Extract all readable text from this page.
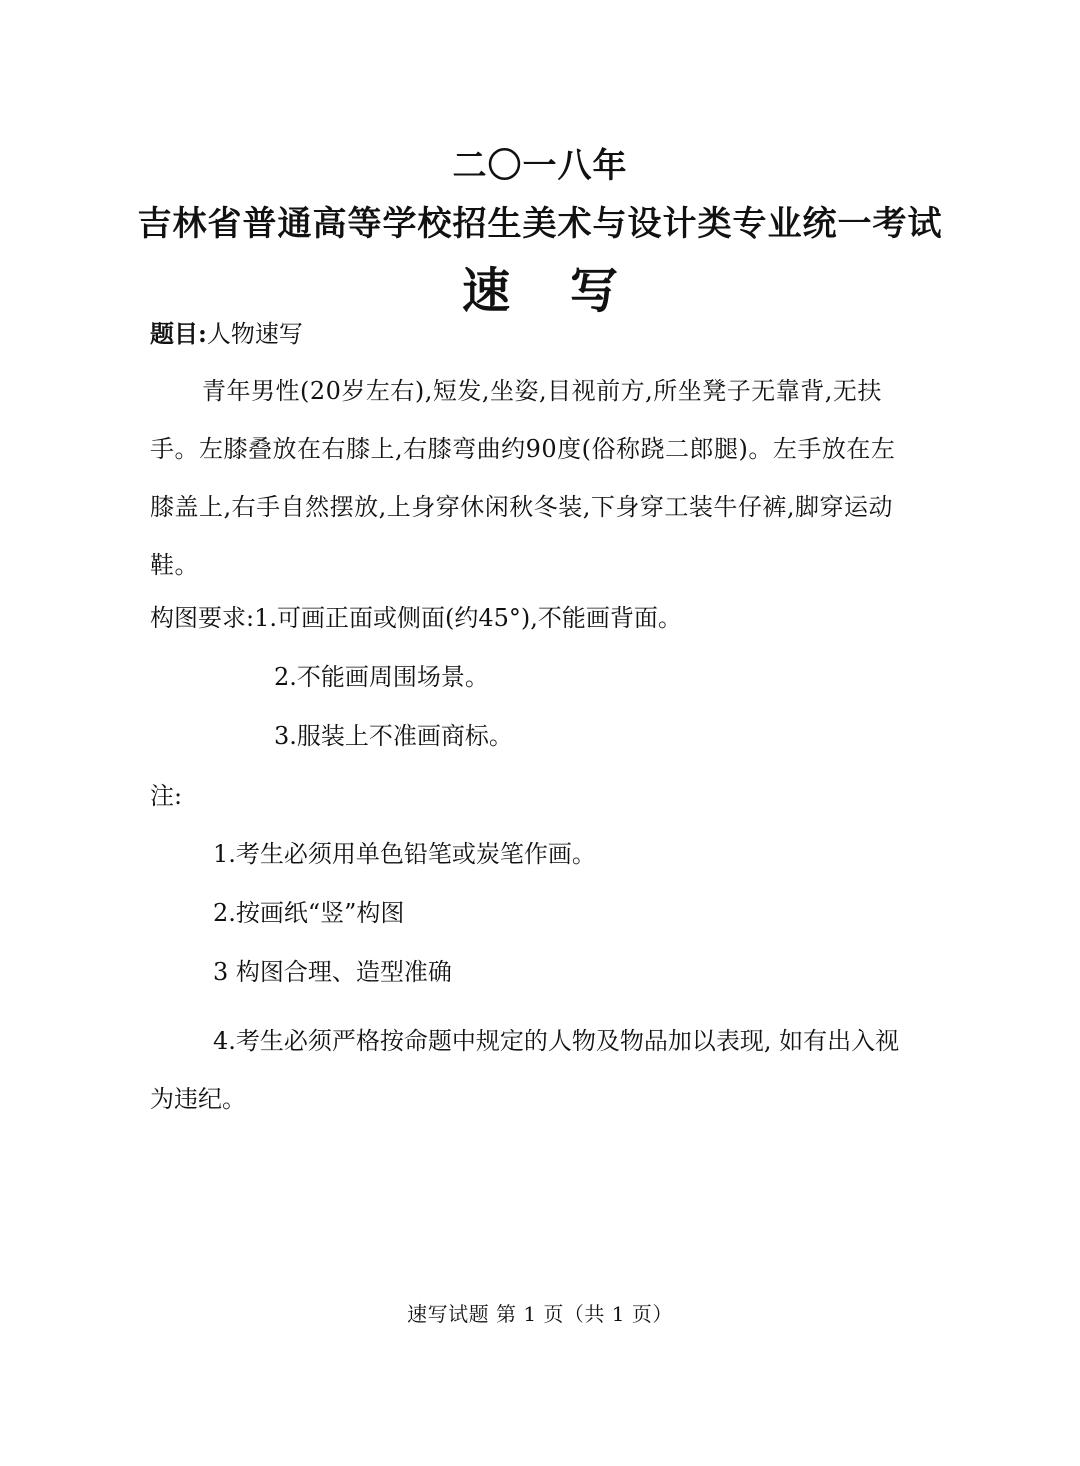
二〇一八年
吉林省普通高等学校招生美术与设计类专业统一考试
速写
题目:人物速写
青年男性(20岁左右),短发,坐姿,目视前方,所坐凳子无靠背,无扶手。左膝叠放在右膝上,右膝弯曲约90度(俗称跷二郎腿)。左手放在左膝盖上,右手自然摆放,上身穿休闲秋冬装,下身穿工装牛仔裤,脚穿运动鞋。
构图要求:1.可画正面或侧面(约45°),不能画背面。
2.不能画周围场景。
3.服装上不准画商标。
注:
1.考生必须用单色铅笔或炭笔作画。
2.按画纸“竖”构图
3 构图合理、造型准确
4.考生必须严格按命题中规定的人物及物品加以表现, 如有出入视为违纪。
速写试题 第 1 页（共 1 页）
